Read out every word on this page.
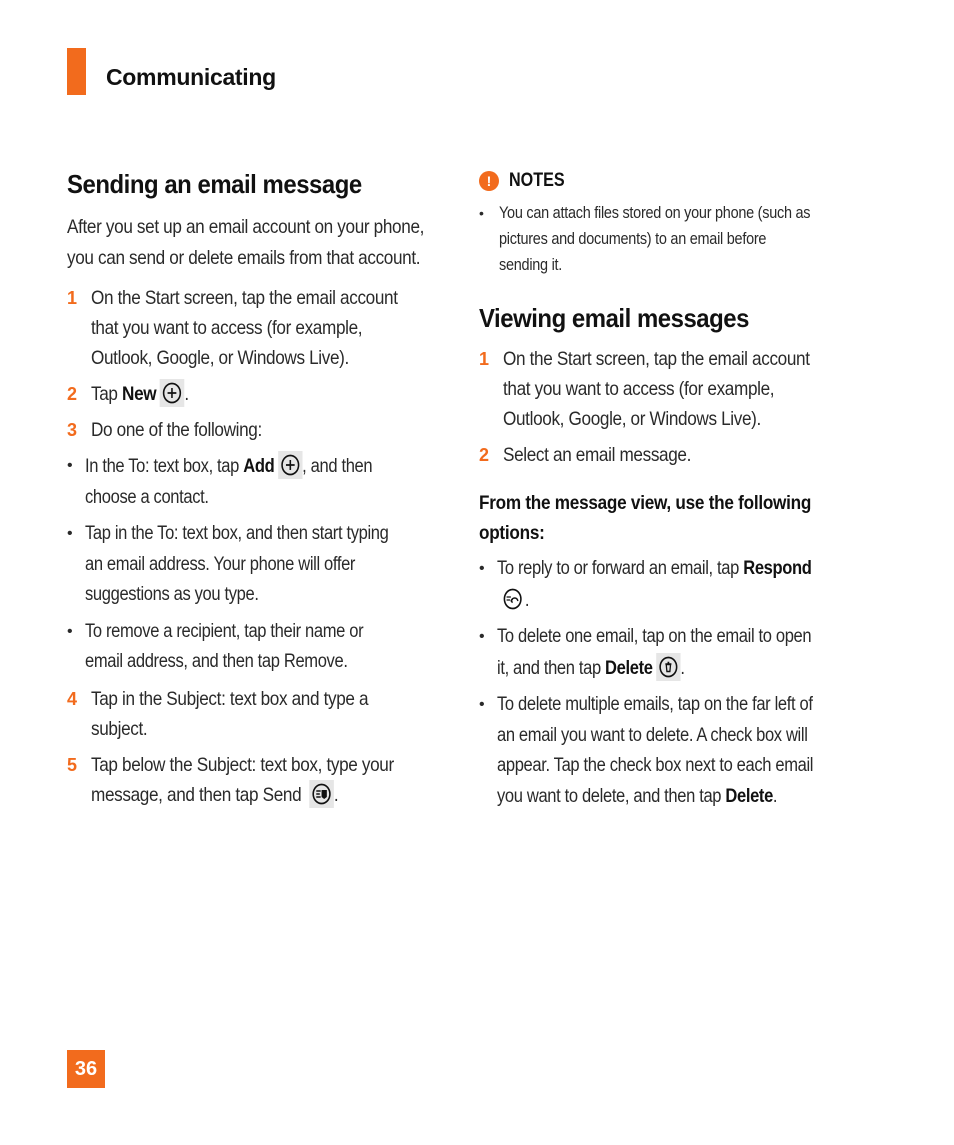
Communicating
Sending an email message

After you set up an email account on your phone, you can send or delete emails from that account.

1 On the Start screen, tap the email account that you want to access (for example, Outlook, Google, or Windows Live).
2 Tap New .
3 Do one of the following:
• In the To: text box, tap Add , and then choose a contact.
• Tap in the To: text box, and then start typing an email address. Your phone will offer suggestions as you type.
• To remove a recipient, tap their name or email address, and then tap Remove.
4 Tap in the Subject: text box and type a subject.
5 Tap below the Subject: text box, type your message, and then tap Send
.
! NOTES
• You can attach files stored on your phone (such as pictures and documents) to an email before sending it.
Viewing email messages
1 On the Start screen, tap the email account that you want to access (for example, Outlook, Google, or Windows Live).
2 Select an email message.
From the message view, use the following options:
• To reply to or forward an email, tap Respond
.
• To delete one email, tap on the email to open it, and then tap Delete .
• To delete multiple emails, tap on the far left of an email you want to delete. A check box will appear. Tap the check box next to each email you want to delete, and then tap Delete.
36
